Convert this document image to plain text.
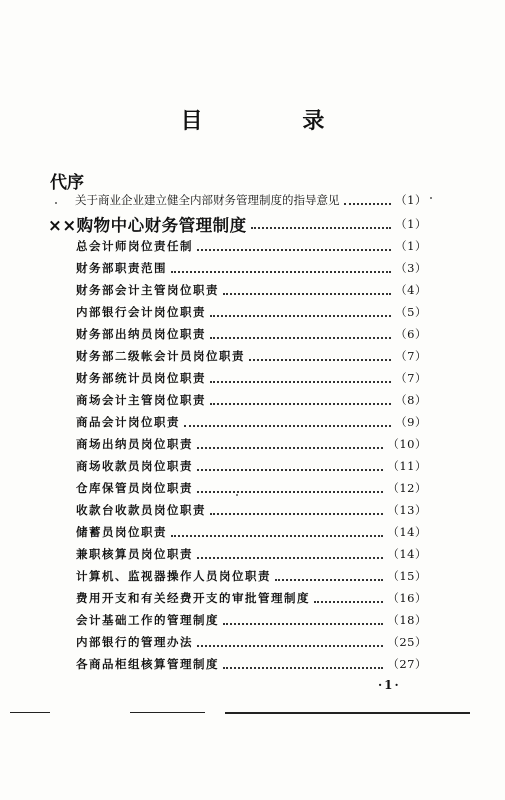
目 录
代序
关于商业企业建立健全内部财务管理制度的指导意见	（1）
××购物中心财务管理制度	（1）
总会计师岗位责任制	（1）
财务部职责范围	（3）
财务部会计主管岗位职责	（4）
内部银行会计岗位职责	（5）
财务部出纳员岗位职责	（6）
财务部二级帐会计员岗位职责	（7）
财务部统计员岗位职责	（7）
商场会计主管岗位职责	（8）
商品会计岗位职责	（9）
商场出纳员岗位职责	（10）
商场收款员岗位职责	（11）
仓库保管员岗位职责	（12）
收款台收款员岗位职责	（13）
储蓄员岗位职责	（14）
兼职核算员岗位职责	（14）
计算机、监视器操作人员岗位职责	（15）
费用开支和有关经费开支的审批管理制度	（16）
会计基础工作的管理制度	（18）
内部银行的管理办法	（25）
各商品柜组核算管理制度	（27）
·1·
